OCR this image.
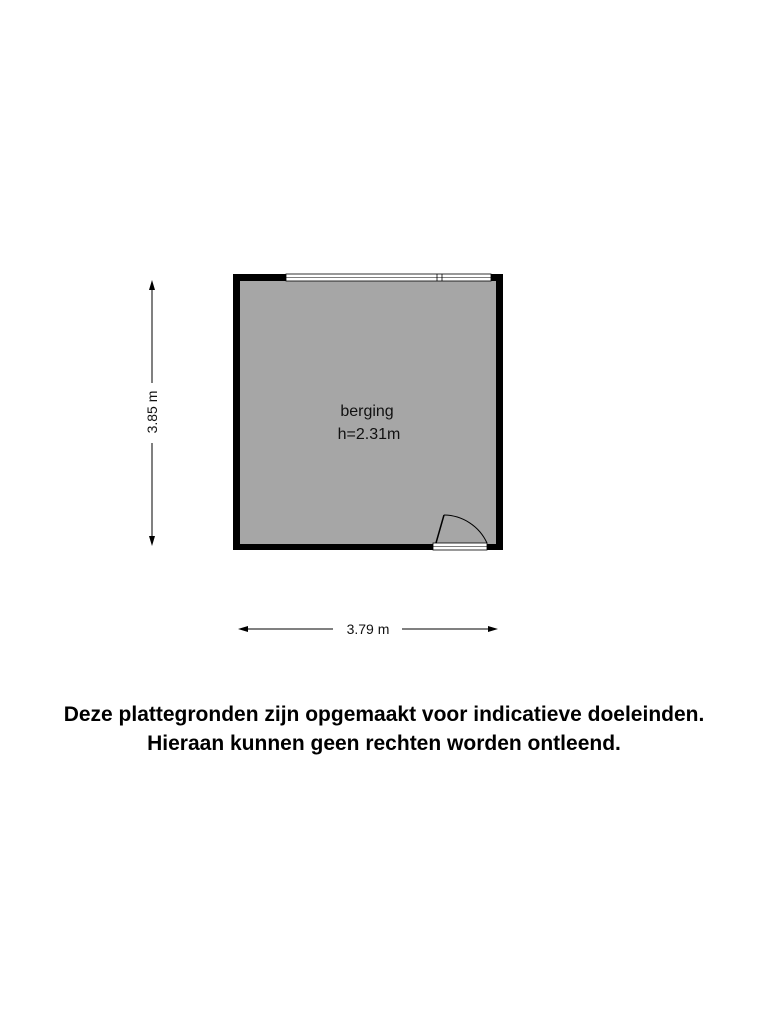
berging
h=2.31m
3.85 m
3.79 m
Deze plattegronden zijn opgemaakt voor indicatieve doeleinden.
Hieraan kunnen geen rechten worden ontleend.
